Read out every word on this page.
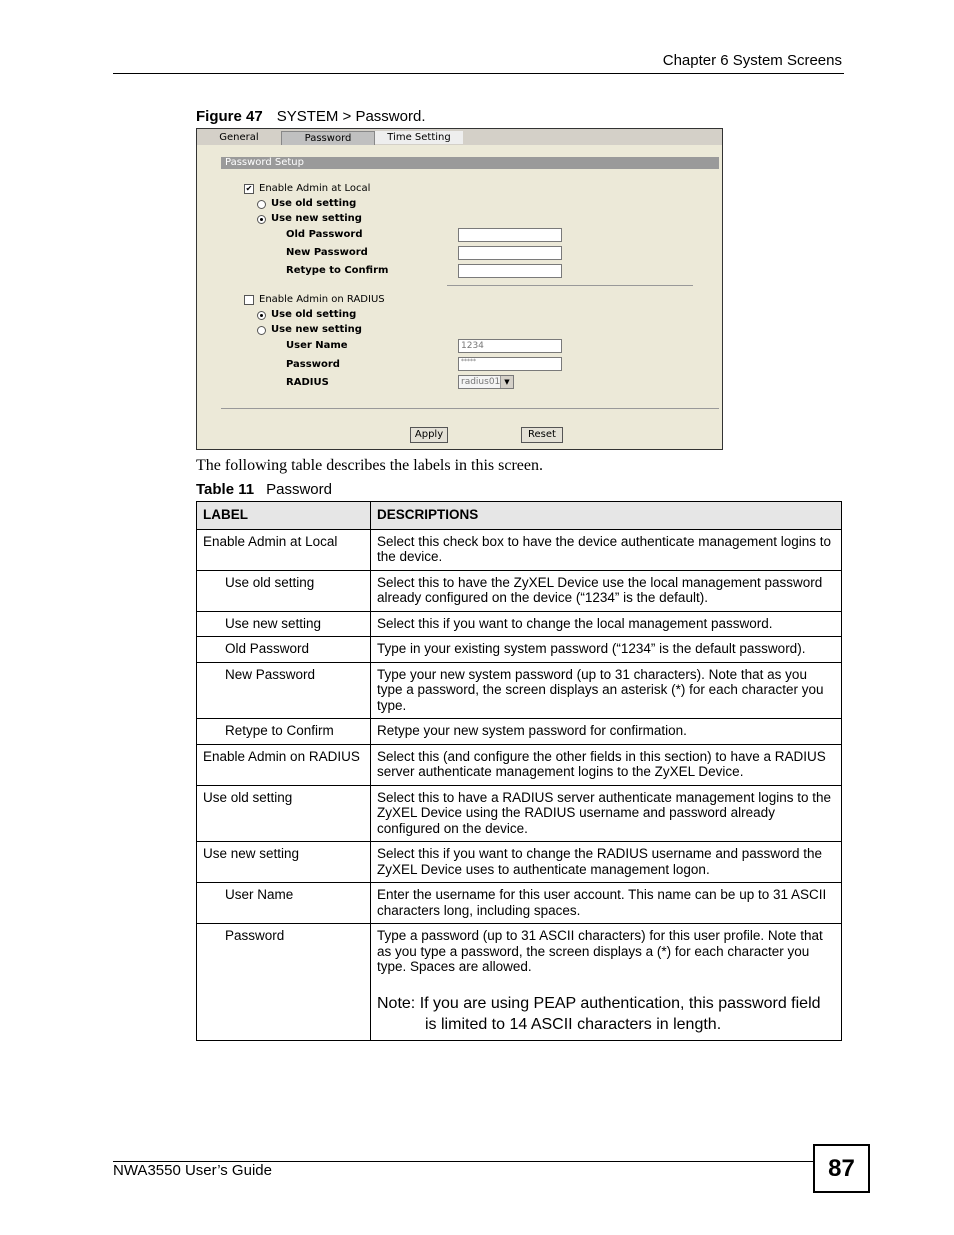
Chapter 6 System Screens
Figure 47 SYSTEM > Password.
General	Password	Time Setting
Password Setup
✔ Enable Admin at Local
Use old setting
Use new setting
Old Password
New Password
Retype to Confirm
Enable Admin on RADIUS
Use old setting
Use new setting
User Name	1234
Password	*****
RADIUS	radius01 ▼
Apply	Reset
The following table describes the labels in this screen.
Table 11 Password
LABEL	DESCRIPTIONS
Enable Admin at Local	Select this check box to have the device authenticate management logins to the device.
Use old setting	Select this to have the ZyXEL Device use the local management password already configured on the device (“1234” is the default).
Use new setting	Select this if you want to change the local management password.
Old Password	Type in your existing system password (“1234” is the default password).
New Password	Type your new system password (up to 31 characters). Note that as you type a password, the screen displays an asterisk (*) for each character you type.
Retype to Confirm	Retype your new system password for confirmation.
Enable Admin on RADIUS	Select this (and configure the other fields in this section) to have a RADIUS server authenticate management logins to the ZyXEL Device.
Use old setting	Select this to have a RADIUS server authenticate management logins to the ZyXEL Device using the RADIUS username and password already configured on the device.
Use new setting	Select this if you want to change the RADIUS username and password the ZyXEL Device uses to authenticate management logon.
User Name	Enter the username for this user account. This name can be up to 31 ASCII characters long, including spaces.
Password	Type a password (up to 31 ASCII characters) for this user profile. Note that as you type a password, the screen displays a (*) for each character you type. Spaces are allowed.

Note: If you are using PEAP authentication, this password field is limited to 14 ASCII characters in length.

NWA3550 User’s Guide	87
